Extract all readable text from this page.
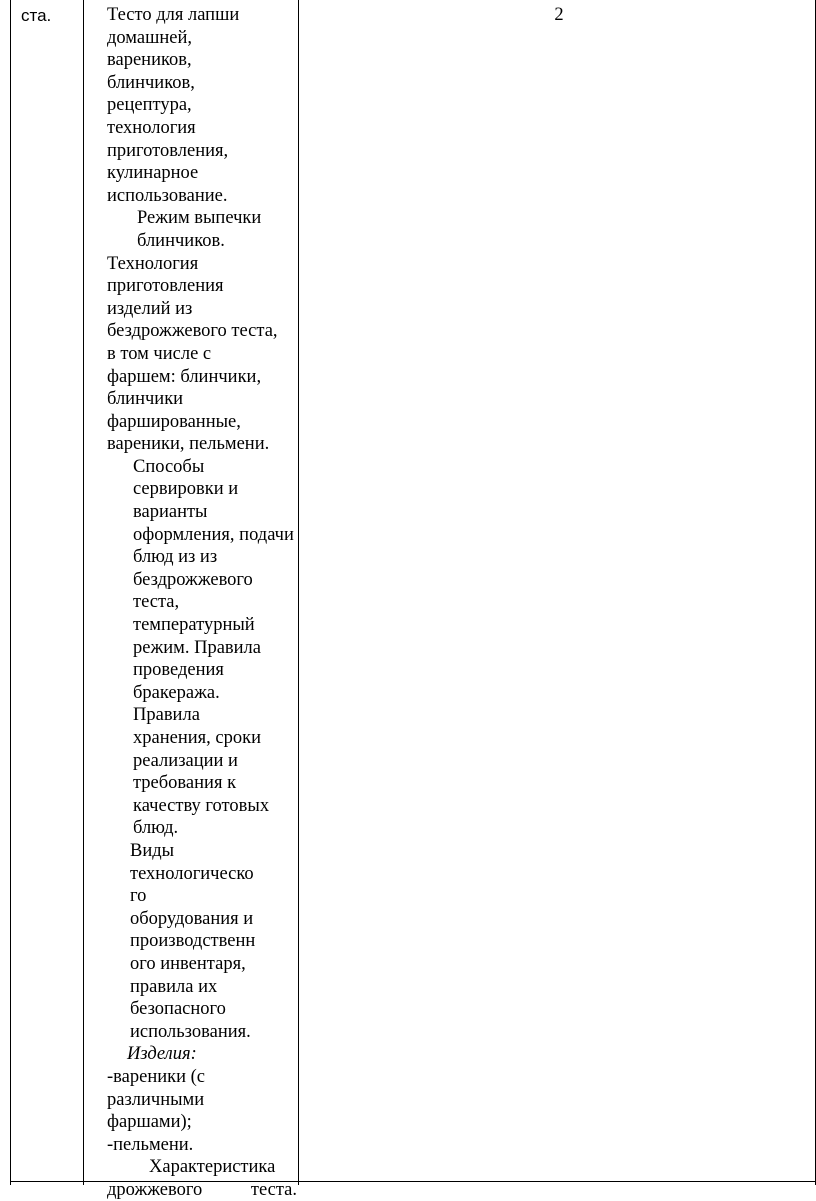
ста.	Тесто для лапши
домашней,
вареников,
блинчиков,
рецептура,
технология
приготовления,
кулинарное
использование.
Режим выпечки
блинчиков.
Технология
приготовления
изделий из
бездрожжевого теста,
в том числе с
фаршем: блинчики,
блинчики
фаршированные,
вареники, пельмени.
Способы
сервировки и
варианты
оформления, подачи
блюд из из
бездрожжевого теста,
температурный
режим. Правила
проведения
бракеража.
Правила
хранения, сроки
реализации и
требования к
качеству готовых
блюд.
Виды
технологическо
го
оборудования и
производственн
ого инвентаря,
правила их
безопасного
использования.
Изделия:
-вареники (с
различными
фаршами);
-пельмени.
Характеристика
дрожжевого теста.
2
